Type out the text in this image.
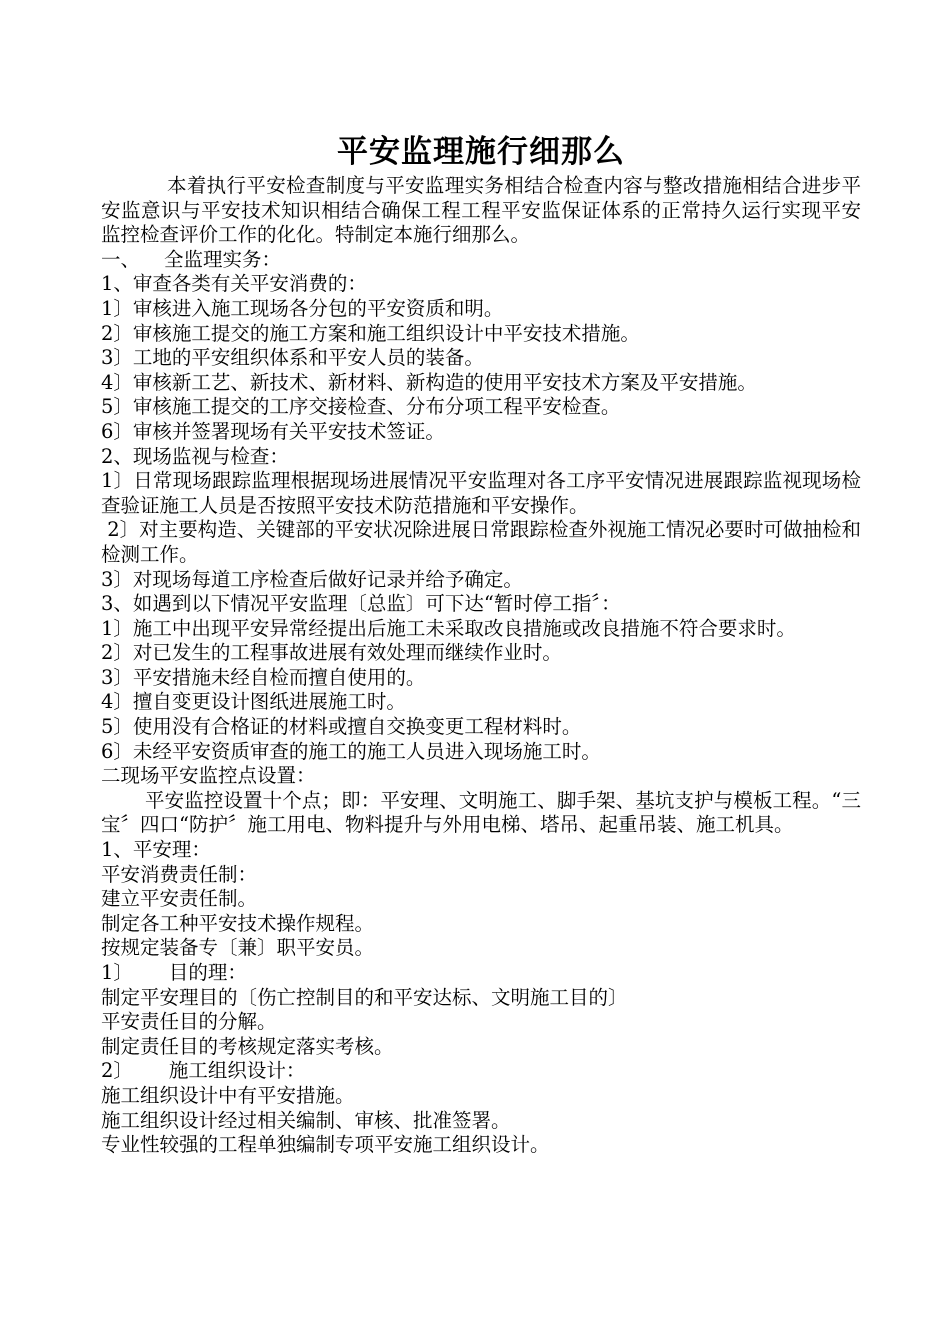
平安监理施行细那么

本着执行平安检查制度与平安监理实务相结合检查内容与整改措施相结合进步平安监意识与平安技术知识相结合确保工程工程平安监保证体系的正常持久运行实现平安监控检查评价工作的化化。特制定本施行细那么。

一、 全监理实务：

1、审查各类有关平安消费的：

1〕审核进入施工现场各分包的平安资质和明。

2〕审核施工提交的施工方案和施工组织设计中平安技术措施。

3〕工地的平安组织体系和平安人员的装备。

4〕审核新工艺、新技术、新材料、新构造的使用平安技术方案及平安措施。

5〕审核施工提交的工序交接检查、分布分项工程平安检查。

6〕审核并签署现场有关平安技术签证。

2、现场监视与检查：

1〕日常现场跟踪监理根据现场进展情况平安监理对各工序平安情况进展跟踪监视现场检查验证施工人员是否按照平安技术防范措施和平安操作。

2〕对主要构造、关键部的平安状况除进展日常跟踪检查外视施工情况必要时可做抽检和检测工作。

3〕对现场每道工序检查后做好记录并给予确定。

3、如遇到以下情况平安监理〔总监〕可下达“暂时停工指〞：

1〕施工中出现平安异常经提出后施工未采取改良措施或改良措施不符合要求时。

2〕对已发生的工程事故进展有效处理而继续作业时。

3〕平安措施未经自检而擅自使用的。

4〕擅自变更设计图纸进展施工时。

5〕使用没有合格证的材料或擅自交换变更工程材料时。

6〕未经平安资质审查的施工的施工人员进入现场施工时。

二现场平安监控点设置：

平安监控设置十个点；即：平安理、文明施工、脚手架、基坑支护与模板工程。“三宝〞四口“防护〞施工用电、物料提升与外用电梯、塔吊、起重吊装、施工机具。

1、平安理：

平安消费责任制：

建立平安责任制。

制定各工种平安技术操作规程。

按规定装备专〔兼〕职平安员。

1〕 目的理：

制定平安理目的〔伤亡控制目的和平安达标、文明施工目的〕

平安责任目的分解。

制定责任目的考核规定落实考核。

2〕 施工组织设计：

施工组织设计中有平安措施。

施工组织设计经过相关编制、审核、批准签署。

专业性较强的工程单独编制专项平安施工组织设计。
